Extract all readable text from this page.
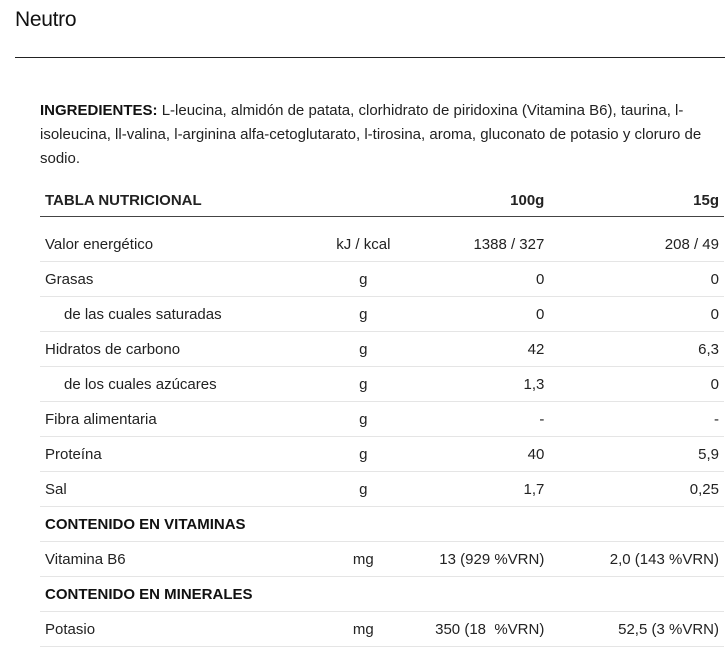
Neutro
INGREDIENTES: L-leucina, almidón de patata, clorhidrato de piridoxina (Vitamina B6), taurina, l-isoleucina, ll-valina, l-arginina alfa-cetoglutarato, l-tirosina, aroma, gluconato de potasio y cloruro de sodio.
TABLA NUTRICIONAL		100g	15g

Valor energético	kJ / kcal	1388 / 327	208 / 49
Grasas	g	0	0
de las cuales saturadas	g	0	0
Hidratos de carbono	g	42	6,3
de los cuales azúcares	g	1,3	0
Fibra alimentaria	g	-	-
Proteína	g	40	5,9
Sal	g	1,7	0,25
CONTENIDO EN VITAMINAS			
Vitamina B6	mg	13 (929 %VRN)	2,0 (143 %VRN)
CONTENIDO EN MINERALES			
Potasio	mg	350 (18  %VRN)	52,5 (3 %VRN)
